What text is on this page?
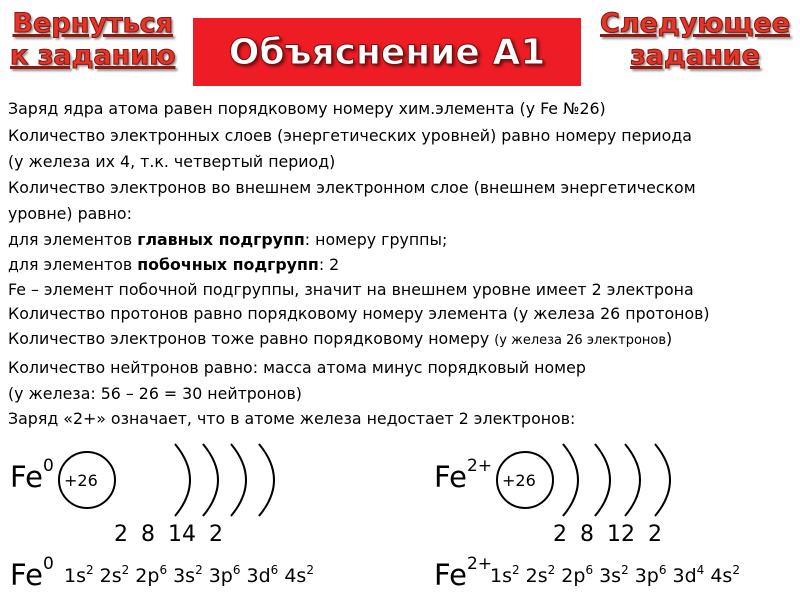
Вернуться
к заданию
Следующее
задание
Объяснение А1
Заряд ядра атома равен порядковому номеру хим.элемента (у Fe №26)
Количество электронных слоев (энергетических уровней) равно номеру периода
(у железа их 4, т.к. четвертый период)
Количество электронов во внешнем электронном слое (внешнем энергетическом
уровне) равно:
для элементов главных подгрупп: номеру группы;
для элементов побочных подгрупп: 2
Fe – элемент побочной подгруппы, значит на внешнем уровне имеет 2 электрона
Количество протонов равно порядковому номеру элемента (у железа 26 протонов)
Количество электронов тоже равно порядковому номеру (у железа 26 электронов)
Количество нейтронов равно: масса атома минус порядковый номер
(у железа: 56 – 26 = 30 нейтронов)
Заряд «2+» означает, что в атоме железа недостает 2 электронов:
$Fe^0$
+26
2 8 14 2
Fe$^0$
$1s^2$ $2s^2$ $2p^6$ $3s^2$ $3p^6$ $3d^6$ $4s^2$
$Fe^{2+}$
+26
2 8 12 2
$Fe^{2+}$
$1s^2$ $2s^2$ $2p^6$ $3s^2$ $3p^6$ $3d^4$ $4s^2$
